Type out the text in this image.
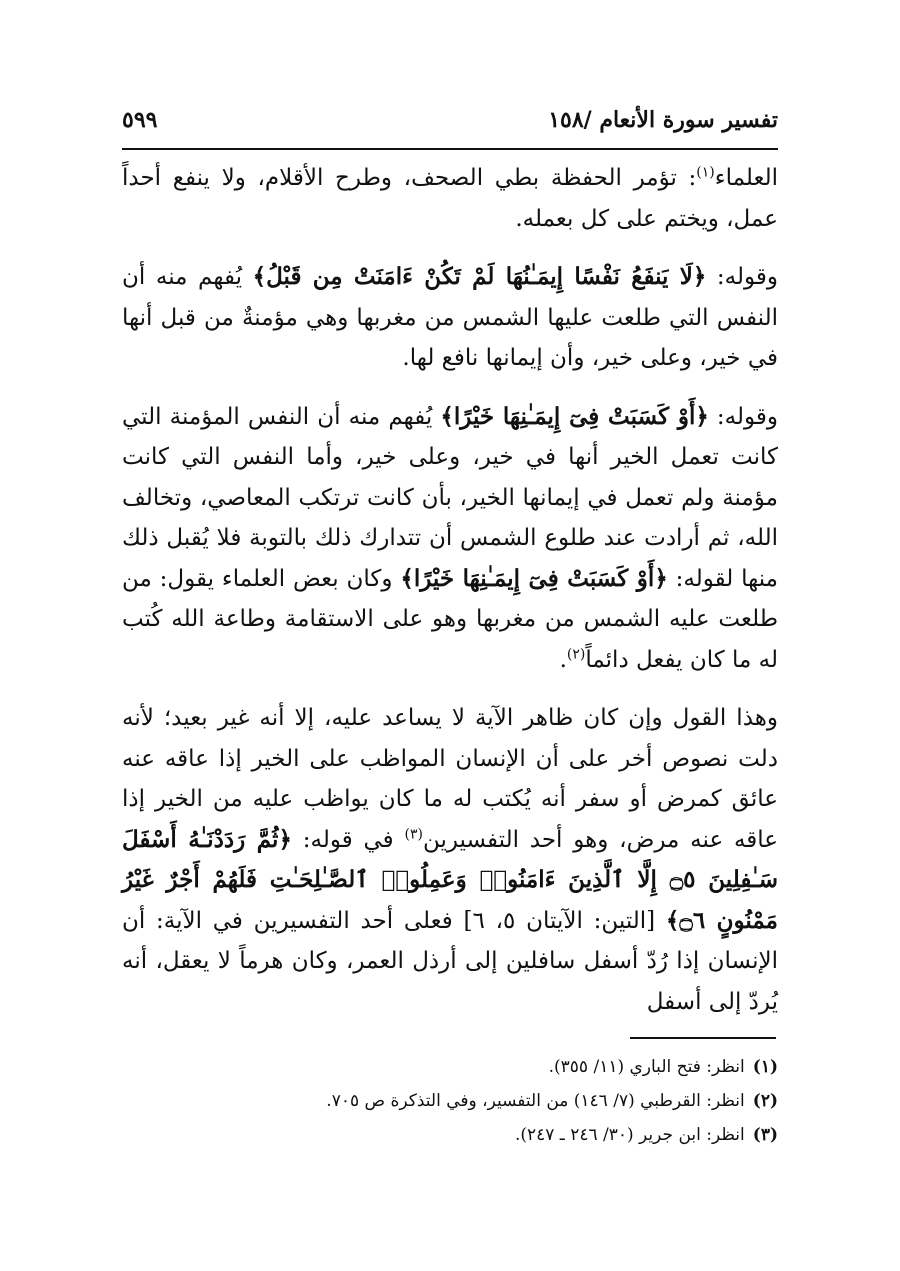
تفسير سورة الأنعام /١٥٨
٥٩٩

العلماء$^{(١)}$: تؤمر الحفظة بطي الصحف، وطرح الأقلام، ولا ينفع أحداً عمل، ويختم على كل بعمله.

وقوله: ﴿لَا يَنفَعُ نَفْسًا إِيمَـٰنُهَا لَمْ تَكُنْ ءَامَنَتْ مِن قَبْلُ﴾ يُفهم منه أن النفس التي طلعت عليها الشمس من مغربها وهي مؤمنةٌ من قبل أنها في خير، وعلى خير، وأن إيمانها نافع لها.

وقوله: ﴿أَوْ كَسَبَتْ فِىٓ إِيمَـٰنِهَا خَيْرًا﴾ يُفهم منه أن النفس المؤمنة التي كانت تعمل الخير أنها في خير، وعلى خير، وأما النفس التي كانت مؤمنة ولم تعمل في إيمانها الخير، بأن كانت ترتكب المعاصي، وتخالف الله، ثم أرادت عند طلوع الشمس أن تتدارك ذلك بالتوبة فلا يُقبل ذلك منها لقوله: ﴿أَوْ كَسَبَتْ فِىٓ إِيمَـٰنِهَا خَيْرًا﴾ وكان بعض العلماء يقول: من طلعت عليه الشمس من مغربها وهو على الاستقامة وطاعة الله كُتب له ما كان يفعل دائماً$^{(٢)}$.

وهذا القول وإن كان ظاهر الآية لا يساعد عليه، إلا أنه غير بعيد؛ لأنه دلت نصوص أخر على أن الإنسان المواظب على الخير إذا عاقه عنه عائق كمرض أو سفر أنه يُكتب له ما كان يواظب عليه من الخير إذا عاقه عنه مرض، وهو أحد التفسيرين$^{(٣)}$ في قوله: ﴿ثُمَّ رَدَدْنَـٰهُ أَسْفَلَ سَـٰفِلِينَ ۝٥ إِلَّا ٱلَّذِينَ ءَامَنُوا۟ وَعَمِلُوا۟ ٱلصَّـٰلِحَـٰتِ فَلَهُمْ أَجْرٌ غَيْرُ مَمْنُونٍ ۝٦﴾ [التين: الآيتان ٥، ٦] فعلى أحد التفسيرين في الآية: أن الإنسان إذا رُدّ أسفل سافلين إلى أرذل العمر، وكان هرماً لا يعقل، أنه يُردّ إلى أسفل

(١)انظر: فتح الباري (١١/ ٣٥٥).
(٢)انظر: القرطبي (٧/ ١٤٦) من التفسير، وفي التذكرة ص ٧٠٥.
(٣)انظر: ابن جرير (٣٠/ ٢٤٦ ـ ٢٤٧).
